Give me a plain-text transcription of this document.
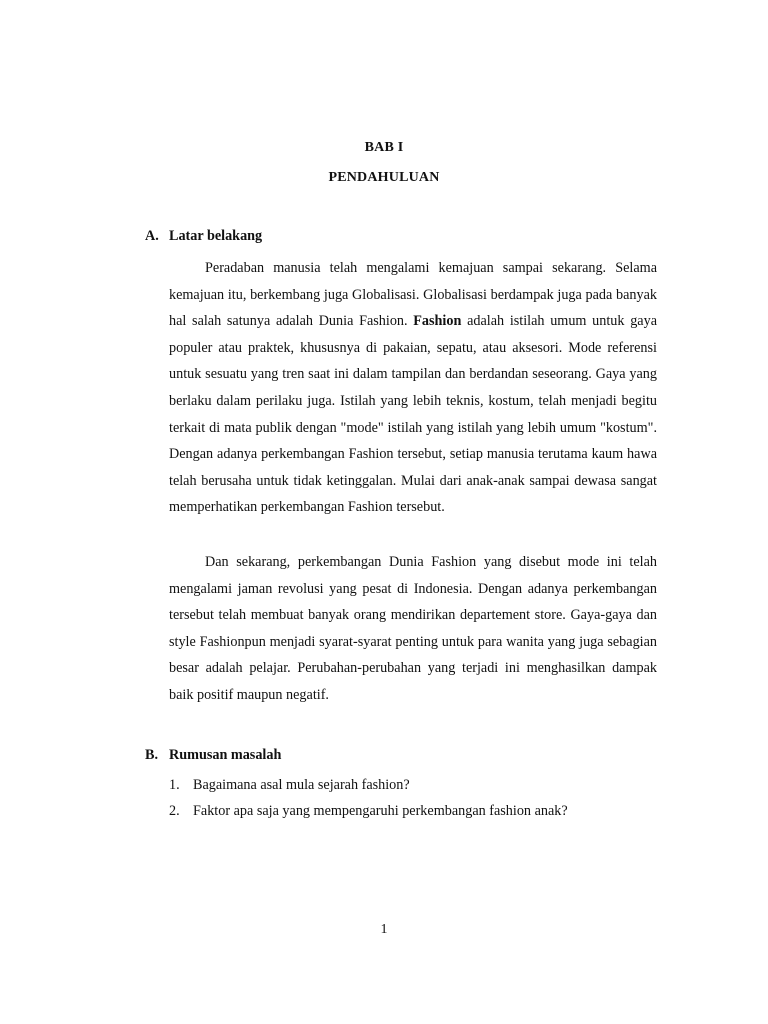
BAB I
PENDAHULUAN
A. Latar belakang

Peradaban manusia telah mengalami kemajuan sampai sekarang. Selama kemajuan itu, berkembang juga Globalisasi. Globalisasi berdampak juga pada banyak hal salah satunya adalah Dunia Fashion. Fashion adalah istilah umum untuk gaya populer atau praktek, khususnya di pakaian, sepatu, atau aksesori. Mode referensi untuk sesuatu yang tren saat ini dalam tampilan dan berdandan seseorang. Gaya yang berlaku dalam perilaku juga. Istilah yang lebih teknis, kostum, telah menjadi begitu terkait di mata publik dengan "mode" istilah yang istilah yang lebih umum "kostum". Dengan adanya perkembangan Fashion tersebut, setiap manusia terutama kaum hawa telah berusaha untuk tidak ketinggalan. Mulai dari anak-anak sampai dewasa sangat memperhatikan perkembangan Fashion tersebut.

Dan sekarang, perkembangan Dunia Fashion yang disebut mode ini telah mengalami jaman revolusi yang pesat di Indonesia. Dengan adanya perkembangan tersebut telah membuat banyak orang mendirikan departement store. Gaya-gaya dan style Fashionpun menjadi syarat-syarat penting untuk para wanita yang juga sebagian besar adalah pelajar. Perubahan-perubahan yang terjadi ini menghasilkan dampak baik positif maupun negatif.

B. Rumusan masalah
1. Bagaimana asal mula sejarah fashion?
2. Faktor apa saja yang mempengaruhi perkembangan fashion anak?
1
